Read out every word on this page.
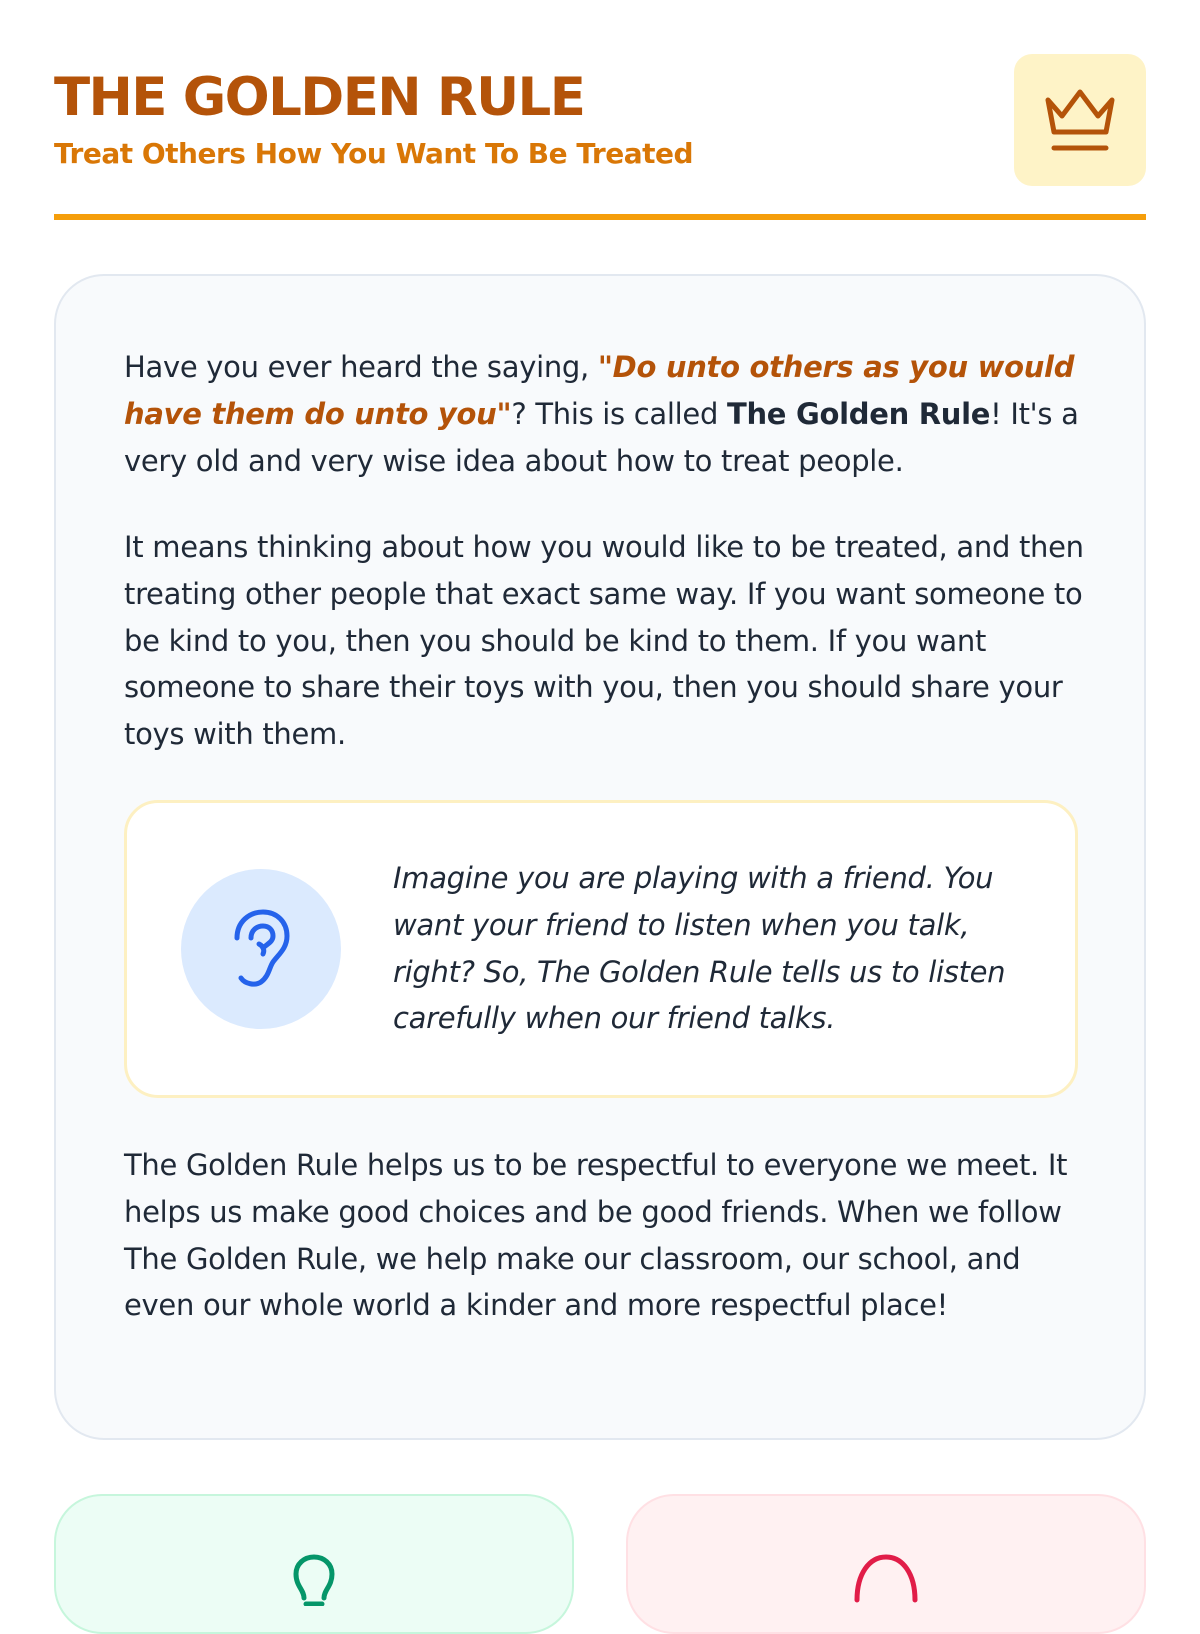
THE GOLDEN RULE
Treat Others How You Want To Be Treated

Have you ever heard the saying, "Do unto others as you would have them do unto you"? This is called The Golden Rule! It's a very old and very wise idea about how to treat people.

It means thinking about how you would like to be treated, and then treating other people that exact same way. If you want someone to be kind to you, then you should be kind to them. If you want someone to share their toys with you, then you should share your toys with them.

Imagine you are playing with a friend. You want your friend to listen when you talk, right? So, The Golden Rule tells us to listen carefully when our friend talks.

The Golden Rule helps us to be respectful to everyone we meet. It helps us make good choices and be good friends. When we follow The Golden Rule, we help make our classroom, our school, and even our whole world a kinder and more respectful place!
